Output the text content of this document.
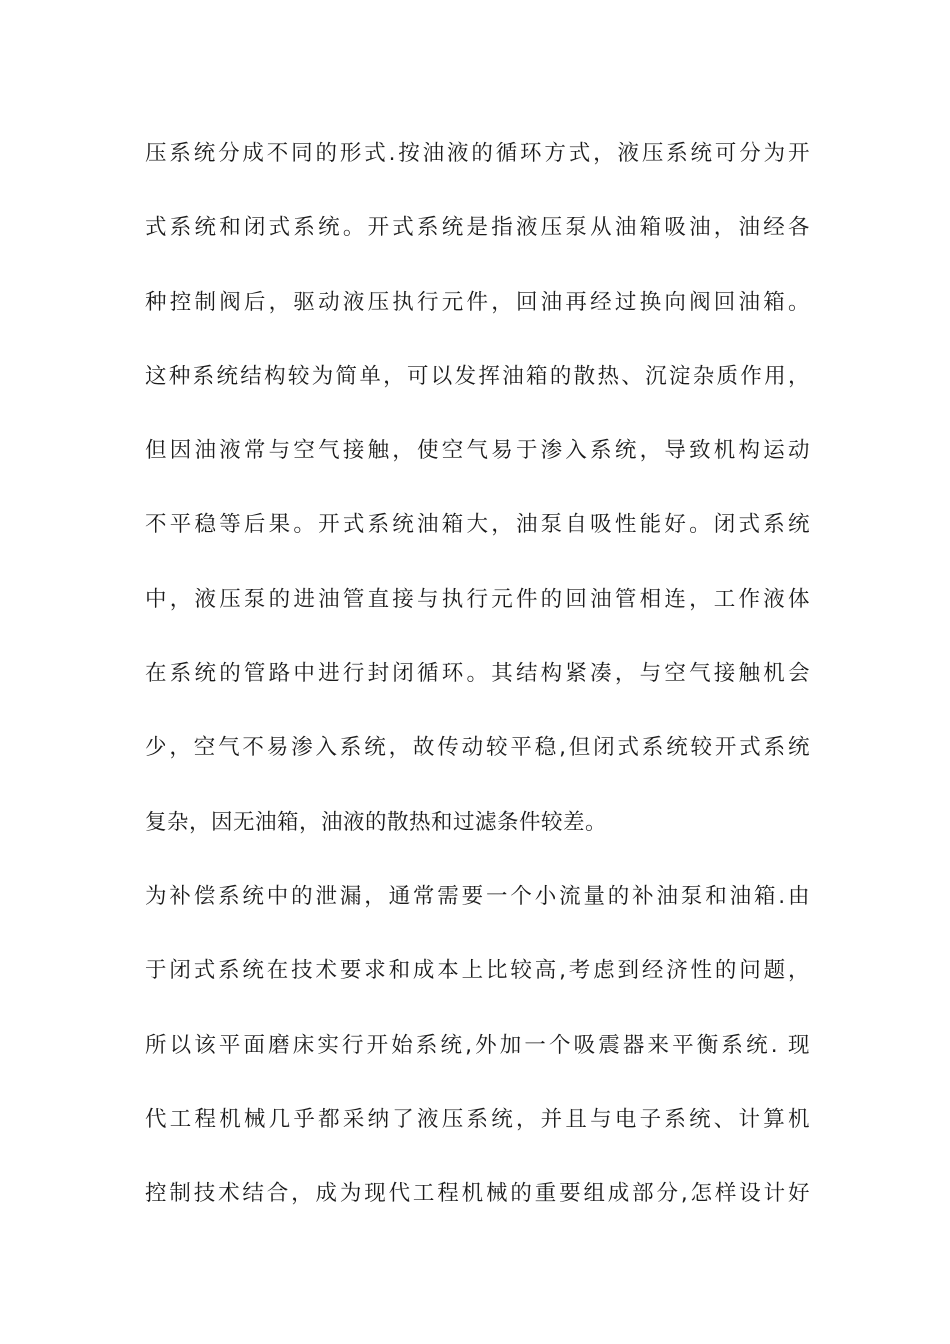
压系统分成不同的形式.按油液的循环方式，液压系统可分为开
式系统和闭式系统。开式系统是指液压泵从油箱吸油，油经各
种控制阀后，驱动液压执行元件，回油再经过换向阀回油箱。
这种系统结构较为简单，可以发挥油箱的散热、沉淀杂质作用，
但因油液常与空气接触，使空气易于渗入系统，导致机构运动
不平稳等后果。开式系统油箱大，油泵自吸性能好。闭式系统
中，液压泵的进油管直接与执行元件的回油管相连，工作液体
在系统的管路中进行封闭循环。其结构紧凑，与空气接触机会
少，空气不易渗入系统，故传动较平稳,但闭式系统较开式系统
复杂，因无油箱，油液的散热和过滤条件较差。
为补偿系统中的泄漏，通常需要一个小流量的补油泵和油箱.由
于闭式系统在技术要求和成本上比较高,考虑到经济性的问题，
所以该平面磨床实行开始系统,外加一个吸震器来平衡系统. 现
代工程机械几乎都采纳了液压系统，并且与电子系统、计算机
控制技术结合，成为现代工程机械的重要组成部分,怎样设计好
